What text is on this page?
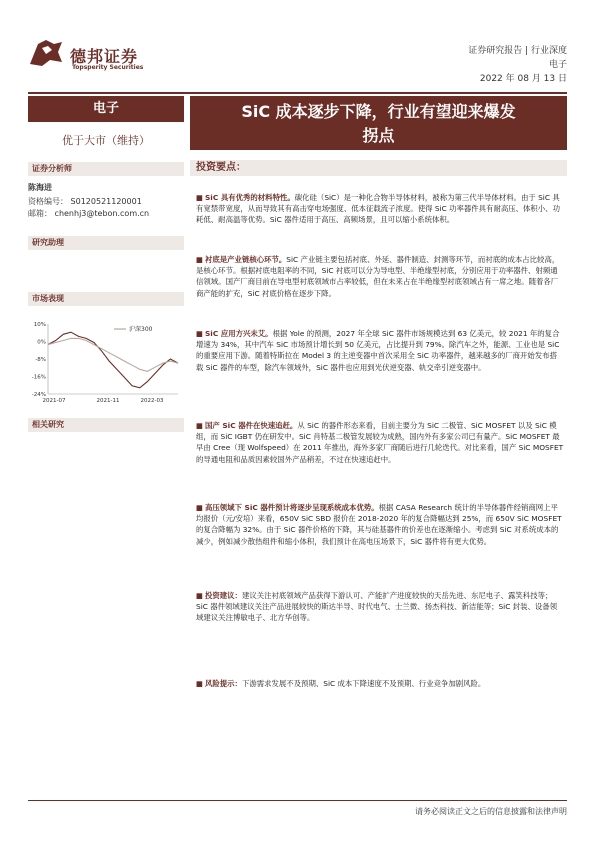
德邦证券
Topsperity Securities
证券研究报告 | 行业深度
电子
2022 年 08 月 13 日
电子
优于大市（维持）
SiC 成本逐步下降，行业有望迎来爆发
拐点
证券分析师
陈海进
资格编号： S0120521120001
邮箱： chenhj3@tebon.com.cn
研究助理
市场表现
10%
0%
-8%
-16%
-24%
2021-07	2021-11	2022-03
沪深300
相关研究
投资要点：
■ SiC 具有优秀的材料特性。碳化硅（SiC）是一种化合物半导体材料，被称为第三代半导体材料。由于 SiC 具有宽禁带宽度，从而导致其有高击穿电场强度、低本征载流子浓度。使得 SiC 功率器件具有耐高压、体积小、功耗低、耐高温等优势。SiC 器件适用于高压、高频场景，且可以缩小系统体积。
■ 衬底是产业链核心环节。SiC 产业链主要包括衬底、外延、器件制造、封测等环节，而衬底的成本占比较高，是核心环节。根据衬底电阻率的不同，SiC 衬底可以分为导电型、半绝缘型衬底，分别应用于功率器件、射频通信领域。国产厂商目前在导电型衬底领域市占率较低，但在未来占在半绝缘型衬底领域占有一席之地。随着各厂商产能的扩充，SiC 衬底价格在逐步下降。
■ SiC 应用方兴未艾。根据 Yole 的预测，2027 年全球 SiC 器件市场规模达到 63 亿美元，较 2021 年的复合增速为 34%，其中汽车 SiC 市场预计增长到 50 亿美元，占比提升到 79%。除汽车之外，能源、工业也是 SiC 的重要应用下游。随着特斯拉在 Model 3 的主逆变器中首次采用全 SiC 功率器件，越来越多的厂商开始发布搭载 SiC 器件的车型，除汽车领域外，SiC 器件也应用到光伏逆变器、轨交牵引逆变器中。
■ 国产 SiC 器件在快速追赶。从 SiC 的器件形态来看，目前主要分为 SiC 二极管、SiC MOSFET 以及 SiC 模组，而 SiC IGBT 仍在研发中。SiC 肖特基二极管发展较为成熟，国内外有多家公司已有量产。SiC MOSFET 最早由 Cree（现 Wolfspeed）在 2011 年推出，海外多家厂商随后进行几轮迭代。对比来看，国产 SiC MOSFET 的导通电阻和品质因素较国外产品稍差，不过在快速追赶中。
■ 高压领域下 SiC 器件预计将逐步呈现系统成本优势。根据 CASA Research 统计的半导体器件经销商网上平均报价（元/安培）来看，650V SiC SBD 报价在 2018-2020 年的复合降幅达到 25%，而 650V SiC MOSFET 的复合降幅为 32%。由于 SiC 器件价格的下降，其与硅基器件的价差也在逐渐缩小。考虑到 SiC 对系统成本的减少，例如减少散热组件和缩小体积，我们预计在高电压场景下，SiC 器件将有更大优势。
■ 投资建议：建议关注衬底领域产品获得下游认可、产能扩产进度较快的天岳先进、东尼电子、露笑科技等；SiC 器件领域建议关注产品进展较快的斯达半导、时代电气、士兰微、扬杰科技、新洁能等；SiC 封装、设备领域建议关注博敏电子、北方华创等。
■ 风险提示：下游需求发展不及预期、SiC 成本下降速度不及预期、行业竞争加剧风险。
请务必阅读正文之后的信息披露和法律声明
